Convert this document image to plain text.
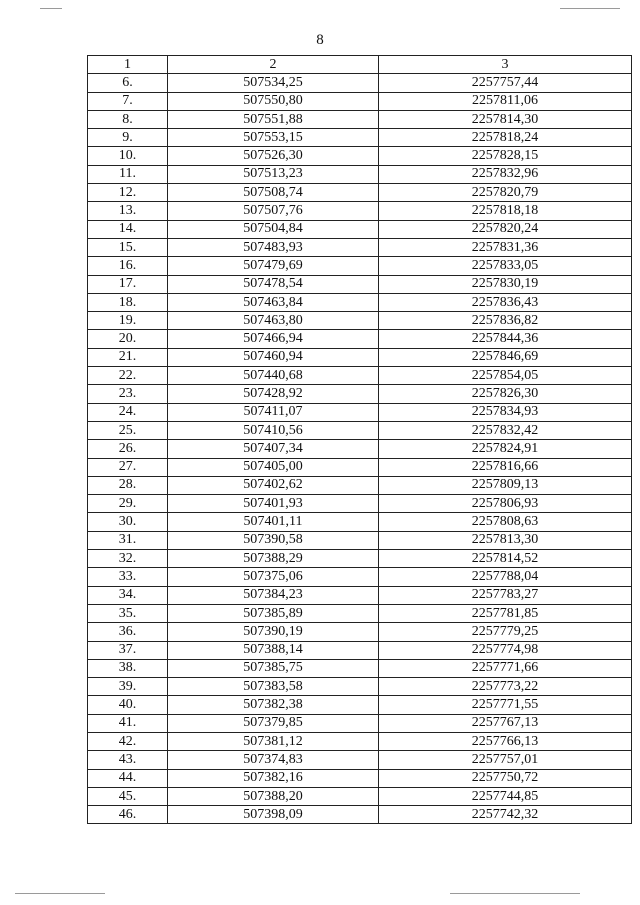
8
1	2	3
6.	507534,25	2257757,44
7.	507550,80	2257811,06
8.	507551,88	2257814,30
9.	507553,15	2257818,24
10.	507526,30	2257828,15
11.	507513,23	2257832,96
12.	507508,74	2257820,79
13.	507507,76	2257818,18
14.	507504,84	2257820,24
15.	507483,93	2257831,36
16.	507479,69	2257833,05
17.	507478,54	2257830,19
18.	507463,84	2257836,43
19.	507463,80	2257836,82
20.	507466,94	2257844,36
21.	507460,94	2257846,69
22.	507440,68	2257854,05
23.	507428,92	2257826,30
24.	507411,07	2257834,93
25.	507410,56	2257832,42
26.	507407,34	2257824,91
27.	507405,00	2257816,66
28.	507402,62	2257809,13
29.	507401,93	2257806,93
30.	507401,11	2257808,63
31.	507390,58	2257813,30
32.	507388,29	2257814,52
33.	507375,06	2257788,04
34.	507384,23	2257783,27
35.	507385,89	2257781,85
36.	507390,19	2257779,25
37.	507388,14	2257774,98
38.	507385,75	2257771,66
39.	507383,58	2257773,22
40.	507382,38	2257771,55
41.	507379,85	2257767,13
42.	507381,12	2257766,13
43.	507374,83	2257757,01
44.	507382,16	2257750,72
45.	507388,20	2257744,85
46.	507398,09	2257742,32
